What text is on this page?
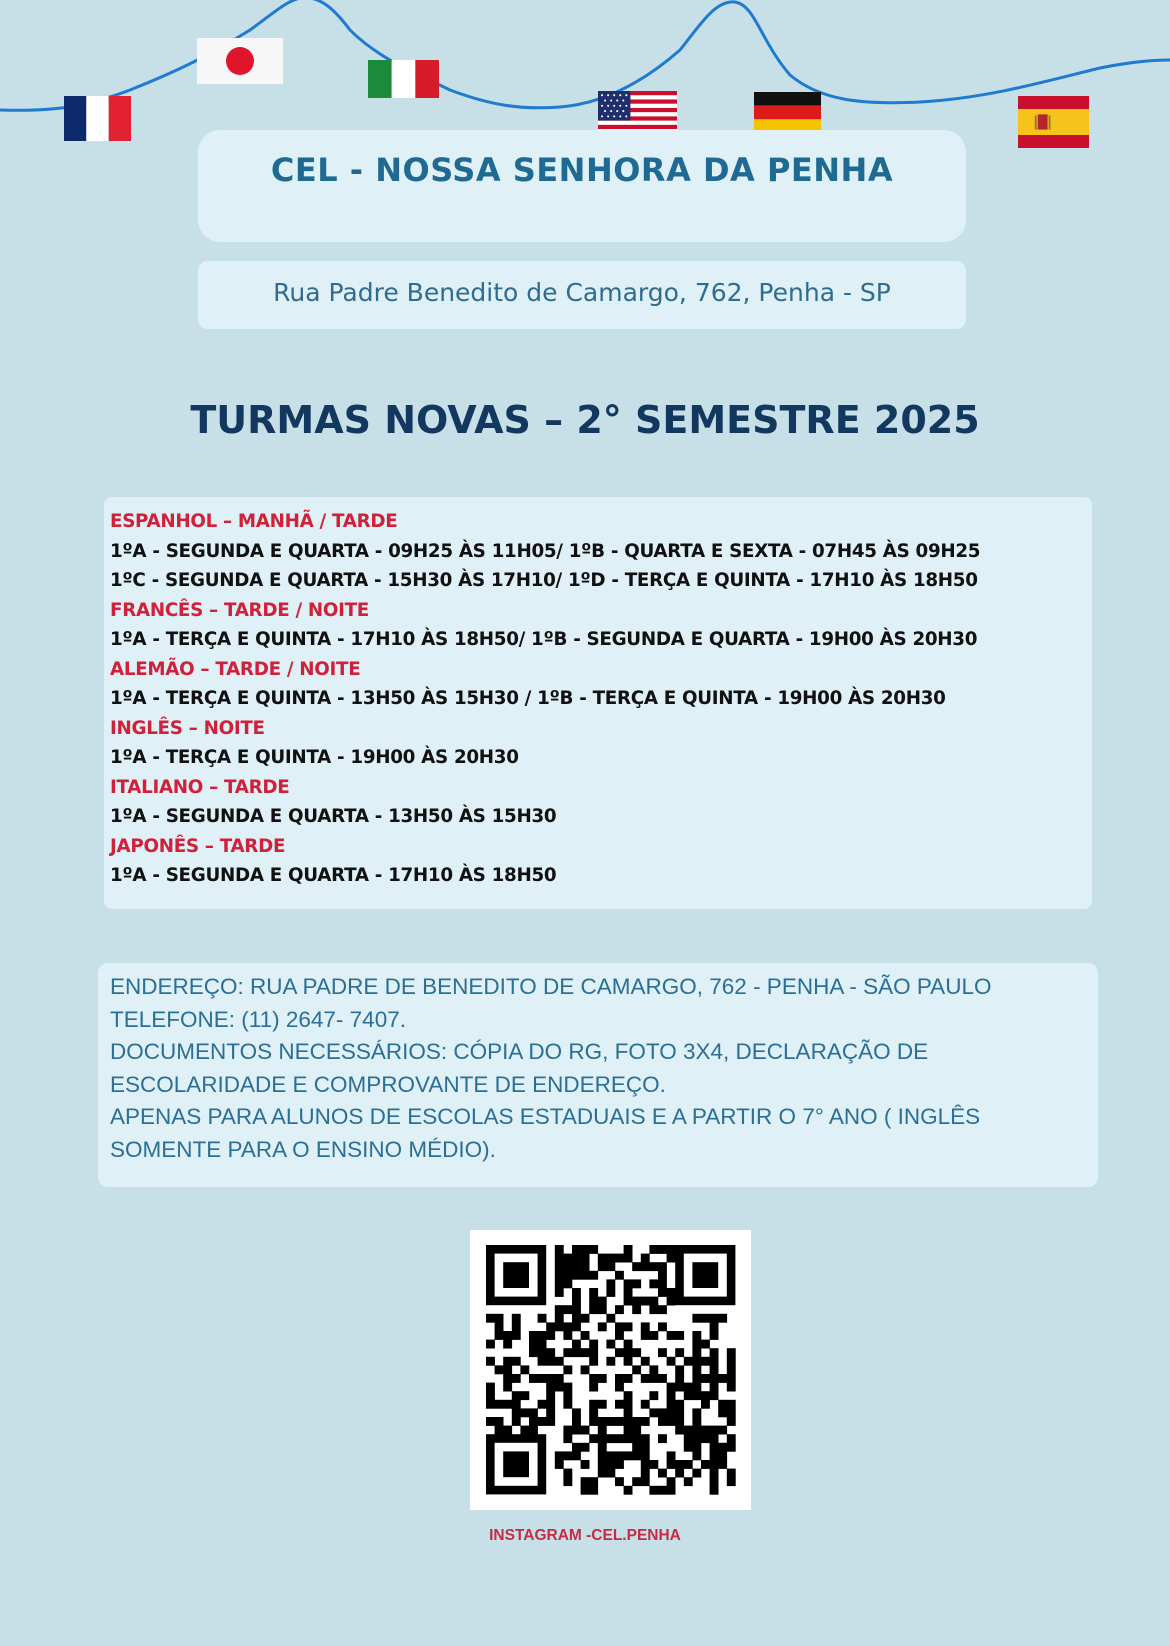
CEL - NOSSA SENHORA DA PENHA
Rua Padre Benedito de Camargo, 762, Penha - SP
TURMAS NOVAS – 2° SEMESTRE 2025
ESPANHOL – MANHÃ / TARDE
1ºA - SEGUNDA E QUARTA - 09H25 ÀS 11H05/ 1ºB - QUARTA E SEXTA - 07H45 ÀS 09H25
1ºC - SEGUNDA E QUARTA - 15H30 ÀS 17H10/ 1ºD - TERÇA E QUINTA - 17H10 ÀS 18H50
FRANCÊS – TARDE / NOITE
1ºA - TERÇA E QUINTA - 17H10 ÀS 18H50/ 1ºB - SEGUNDA E QUARTA - 19H00 ÀS 20H30
ALEMÃO – TARDE / NOITE
1ºA - TERÇA E QUINTA - 13H50 ÀS 15H30 / 1ºB - TERÇA E QUINTA - 19H00 ÀS 20H30
INGLÊS – NOITE
1ºA - TERÇA E QUINTA - 19H00 ÀS 20H30
ITALIANO – TARDE
1ºA - SEGUNDA E QUARTA - 13H50 ÀS 15H30
JAPONÊS – TARDE
1ºA - SEGUNDA E QUARTA - 17H10 ÀS 18H50
ENDEREÇO: RUA PADRE DE BENEDITO DE CAMARGO, 762 - PENHA - SÃO PAULO
TELEFONE: (11) 2647- 7407.
DOCUMENTOS NECESSÁRIOS: CÓPIA DO RG, FOTO 3X4, DECLARAÇÃO DE
ESCOLARIDADE E COMPROVANTE DE ENDEREÇO.
APENAS PARA ALUNOS DE ESCOLAS ESTADUAIS E A PARTIR O 7° ANO ( INGLÊS
SOMENTE PARA O ENSINO MÉDIO).
INSTAGRAM -CEL.PENHA
